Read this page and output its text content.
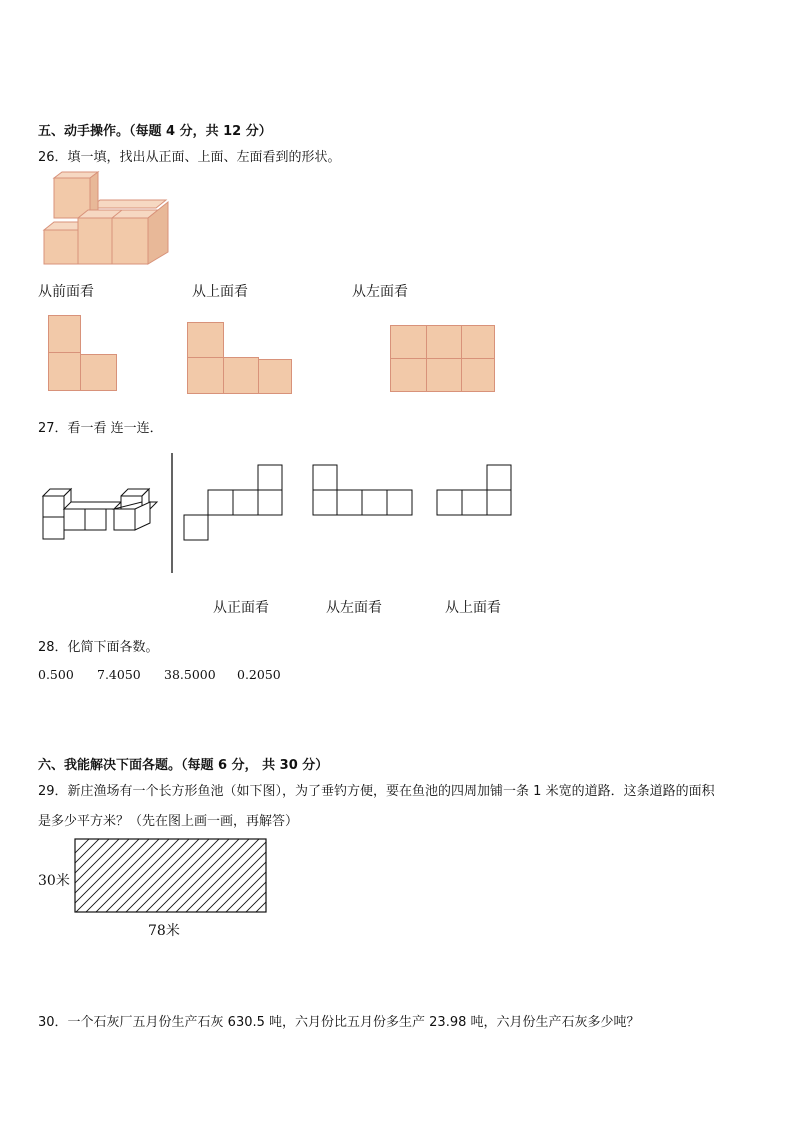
五、动手操作。（每题 4 分，共 12 分）
26．填一填，找出从正面、上面、左面看到的形状。
从前面看	从上面看	从左面看
27．看一看 连一连．
从正面看	从左面看	从上面看
28．化简下面各数。
0.500 7.4050 38.5000 0.2050
六、我能解决下面各题。（每题 6 分， 共 30 分）
29．新庄渔场有一个长方形鱼池（如下图），为了垂钓方便，要在鱼池的四周加铺一条 1 米宽的道路．这条道路的面积
是多少平方米？（先在图上画一画，再解答）
30米
78米
30．一个石灰厂五月份生产石灰 630.5 吨，六月份比五月份多生产 23.98 吨，六月份生产石灰多少吨？
